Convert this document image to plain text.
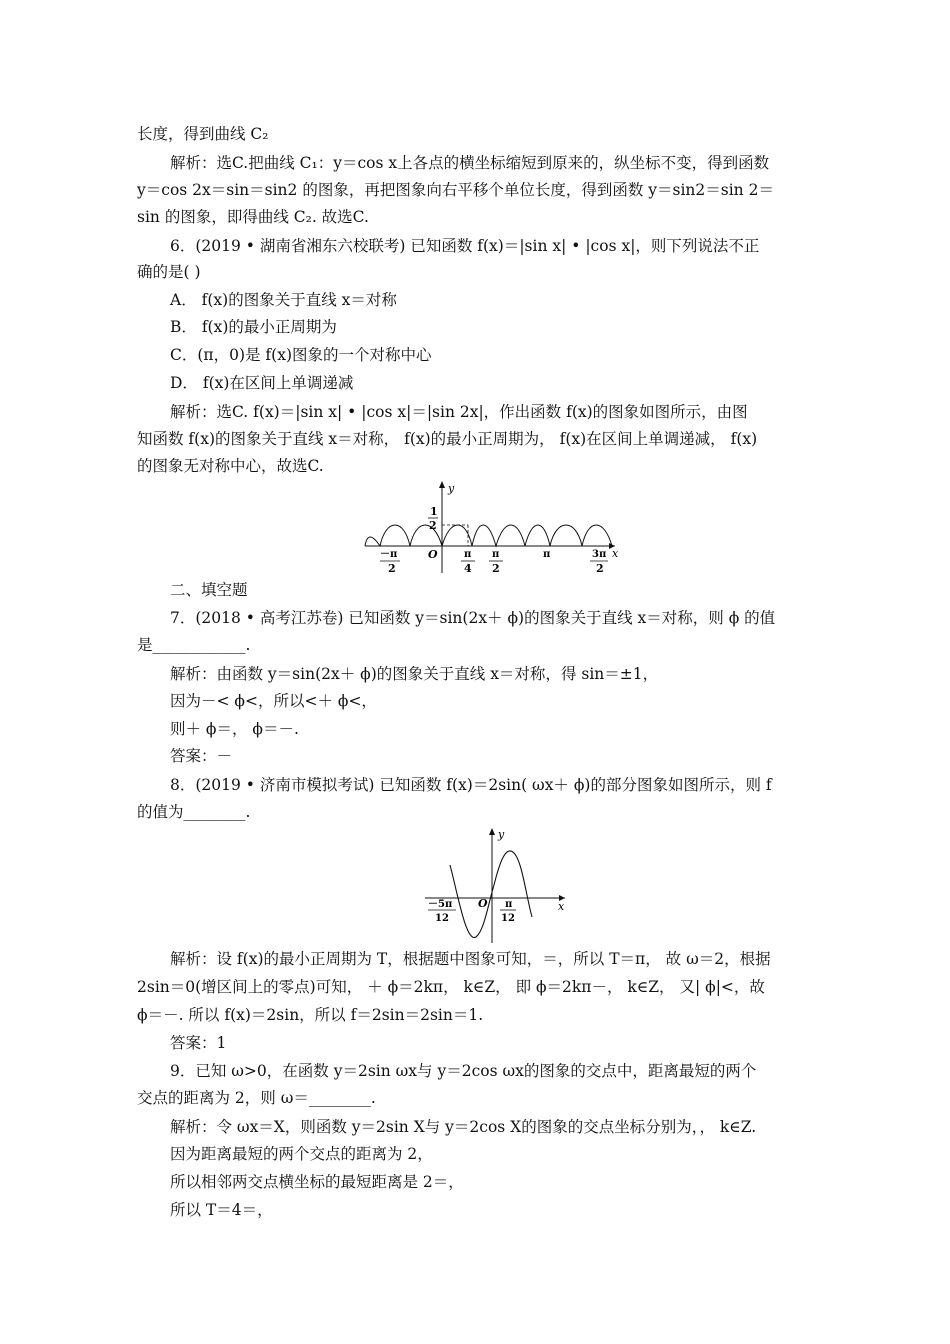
长度，得到曲线 C₂
解析：选C.把曲线 C₁：y＝cos x上各点的横坐标缩短到原来的，纵坐标不变，得到函数
y＝cos 2x＝sin＝sin2 的图象，再把图象向右平移个单位长度，得到函数 y＝sin2＝sin 2＝
sin 的图象，即得曲线 C₂. 故选C.
6．(2019 • 湖南省湘东六校联考) 已知函数 f(x)＝|sin x| • |cos x|，则下列说法不正
确的是( )
A． f(x)的图象关于直线 x＝对称
B． f(x)的最小正周期为
C．(π，0)是 f(x)图象的一个对称中心
D． f(x)在区间上单调递减
解析：选C. f(x)＝|sin x| • |cos x|＝|sin 2x|，作出函数 f(x)的图象如图所示，由图
知函数 f(x)的图象关于直线 x＝对称， f(x)的最小正周期为， f(x)在区间上单调递减， f(x)
的图象无对称中心，故选C.
y
x
O
1
2
－π
2
π
4
π
2
π	3π
2
二、填空题
7．(2018 • 高考江苏卷) 已知函数 y＝sin(2x＋ ϕ)的图象关于直线 x＝对称，则 ϕ 的值
是____________.
解析：由函数 y＝sin(2x＋ ϕ)的图象关于直线 x＝对称，得 sin＝±1，
因为－< ϕ<，所以<＋ ϕ<，
则＋ ϕ＝， ϕ＝－.
答案：－
8．(2019 • 济南市模拟考试) 已知函数 f(x)＝2sin( ωx＋ ϕ)的部分图象如图所示，则 f
的值为________.
y
x
O
－5π
12
π
12
解析：设 f(x)的最小正周期为 T，根据题中图象可知，＝，所以 T＝π， 故 ω＝2，根据
2sin＝0(增区间上的零点)可知， ＋ ϕ＝2kπ， k∈Z， 即 ϕ＝2kπ－， k∈Z， 又| ϕ|<，故
ϕ＝－. 所以 f(x)＝2sin，所以 f＝2sin＝2sin＝1.
答案：1
9．已知 ω>0，在函数 y＝2sin ωx与 y＝2cos ωx的图象的交点中，距离最短的两个
交点的距离为 2，则 ω＝________.
解析：令 ωx＝X，则函数 y＝2sin X与 y＝2cos X的图象的交点坐标分别为，， k∈Z.
因为距离最短的两个交点的距离为 2，
所以相邻两交点横坐标的最短距离是 2＝，
所以 T＝4＝，
